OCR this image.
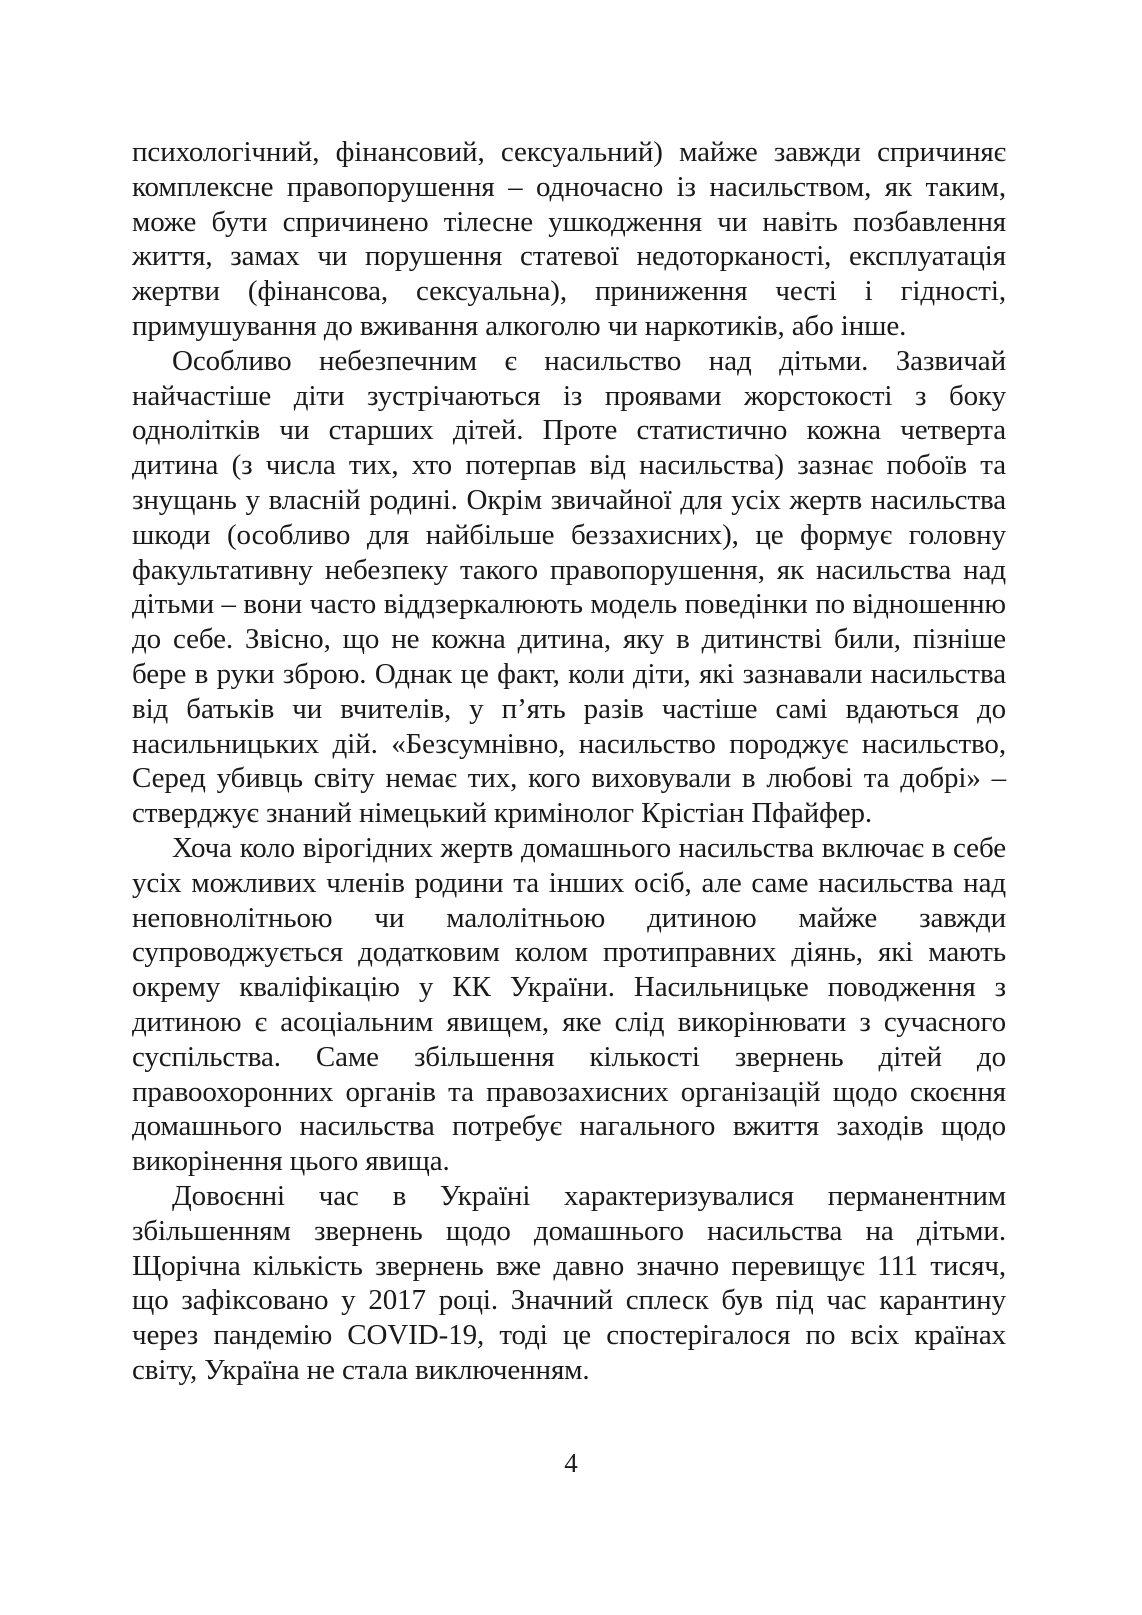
психологічний, фінансовий, сексуальний) майже завжди спричиняє комплексне правопорушення – одночасно із насильством, як таким, може бути спричинено тілесне ушкодження чи навіть позбавлення життя, замах чи порушення статевої недоторканості, експлуатація жертви (фінансова, сексуальна), приниження честі і гідності, примушування до вживання алкоголю чи наркотиків, або інше.

Особливо небезпечним є насильство над дітьми. Зазвичай найчастіше діти зустрічаються із проявами жорстокості з боку однолітків чи старших дітей. Проте статистично кожна четверта дитина (з числа тих, хто потерпав від насильства) зазнає побоїв та знущань у власній родині. Окрім звичайної для усіх жертв насильства шкоди (особливо для найбільше беззахисних), це формує головну факультативну небезпеку такого правопорушення, як насильства над дітьми – вони часто віддзеркалюють модель поведінки по відношенню до себе. Звісно, що не кожна дитина, яку в дитинстві били, пізніше бере в руки зброю. Однак це факт, коли діти, які зазнавали насильства від батьків чи вчителів, у п’ять разів частіше самі вдаються до насильницьких дій. «Безсумнівно, насильство породжує насильство, Серед убивць світу немає тих, кого виховували в любові та добрі» – стверджує знаний німецький кримінолог Крістіан Пфайфер.

Хоча коло вірогідних жертв домашнього насильства включає в себе усіх можливих членів родини та інших осіб, але саме насильства над неповнолітньою чи малолітньою дитиною майже завжди супроводжується додатковим колом протиправних діянь, які мають окрему кваліфікацію у КК України. Насильницьке поводження з дитиною є асоціальним явищем, яке слід викорінювати з сучасного суспільства. Саме збільшення кількості звернень дітей до правоохоронних органів та правозахисних організацій щодо скоєння домашнього насильства потребує нагального вжиття заходів щодо викорінення цього явища.

Довоєнні час в Україні характеризувалися перманентним збільшенням звернень щодо домашнього насильства на дітьми. Щорічна кількість звернень вже давно значно перевищує 111 тисяч, що зафіксовано у 2017 році. Значний сплеск був під час карантину через пандемію COVID-19, тоді це спостерігалося по всіх країнах світу, Україна не стала виключенням.

4
